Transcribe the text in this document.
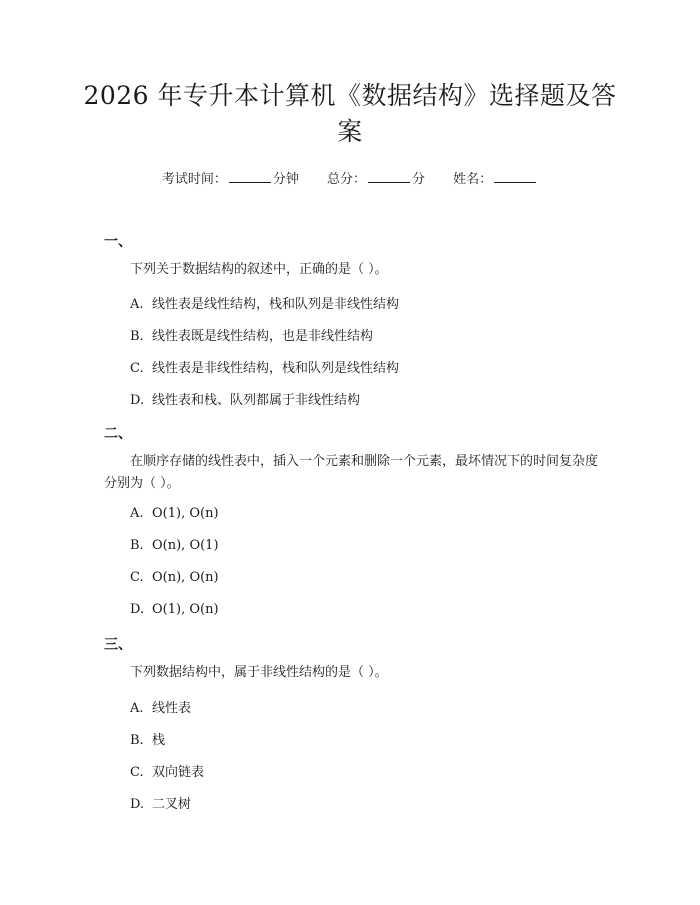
2026 年专升本计算机《数据结构》选择题及答案
考试时间：	分钟 总分：	分 姓名：
一、
下列关于数据结构的叙述中，正确的是（ ）。
A. 线性表是线性结构，栈和队列是非线性结构
B. 线性表既是线性结构，也是非线性结构
C. 线性表是非线性结构，栈和队列是线性结构
D. 线性表和栈、队列都属于非线性结构
二、
在顺序存储的线性表中，插入一个元素和删除一个元素，最坏情况下的时间复杂度分别为（ ）。
A. O(1), O(n)
B. O(n), O(1)
C. O(n), O(n)
D. O(1), O(n)
三、
下列数据结构中，属于非线性结构的是（ ）。
A. 线性表
B. 栈
C. 双向链表
D. 二叉树
